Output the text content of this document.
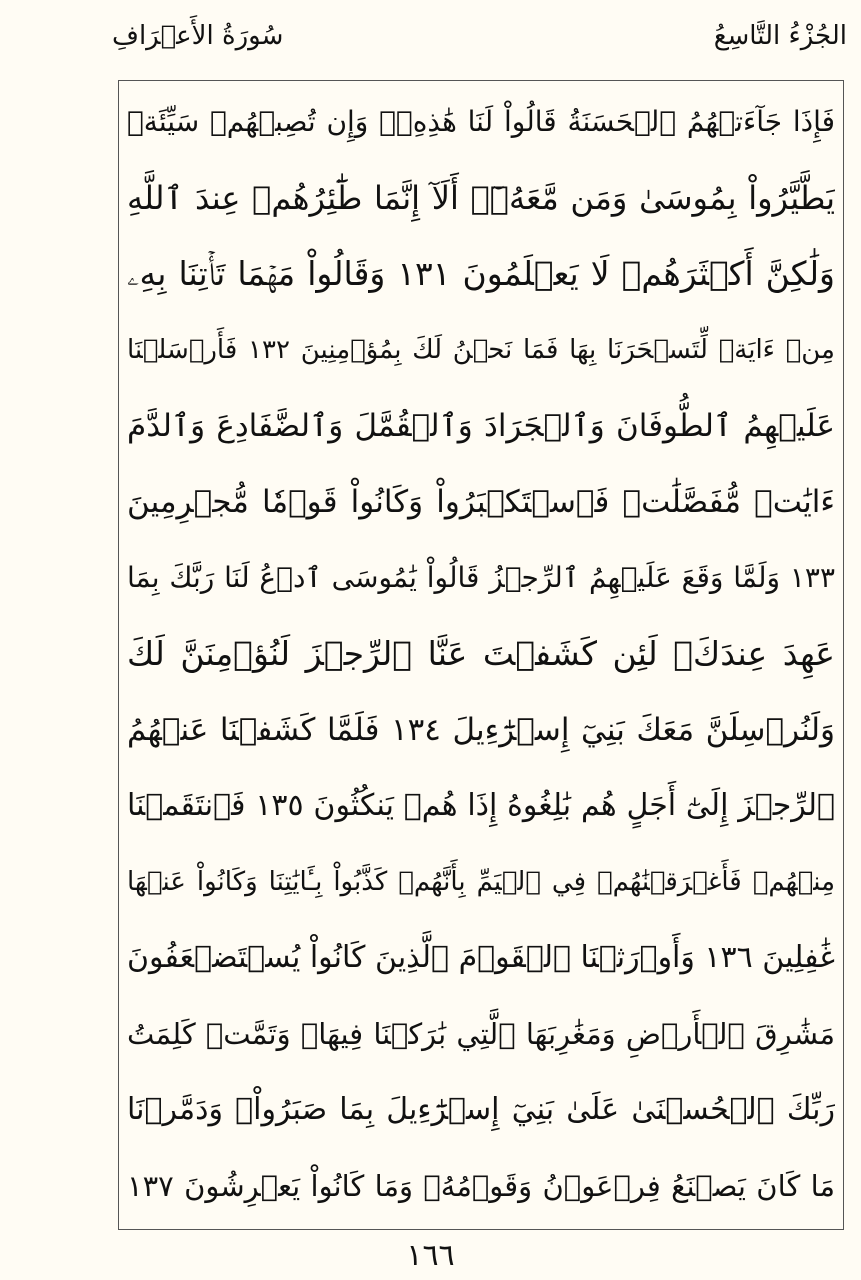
الجُزْءُ التَّاسِعُ
سُورَةُ الأَعۡرَافِ
فَإِذَا جَآءَتۡهُمُ ٱلۡحَسَنَةُ قَالُواْ لَنَا هَٰذِهِۦۖ وَإِن تُصِبۡهُمۡ سَيِّئَةٞ
يَطَّيَّرُواْ بِمُوسَىٰ وَمَن مَّعَهُۥٓۗ أَلَآ إِنَّمَا طَٰٓئِرُهُمۡ عِندَ ٱللَّهِ
وَلَٰكِنَّ أَكۡثَرَهُمۡ لَا يَعۡلَمُونَ ١٣١ وَقَالُواْ مَهۡمَا تَأۡتِنَا بِهِۦ
مِنۡ ءَايَةٖ لِّتَسۡحَرَنَا بِهَا فَمَا نَحۡنُ لَكَ بِمُؤۡمِنِينَ ١٣٢ فَأَرۡسَلۡنَا
عَلَيۡهِمُ ٱلطُّوفَانَ وَٱلۡجَرَادَ وَٱلۡقُمَّلَ وَٱلضَّفَادِعَ وَٱلدَّمَ
ءَايَٰتٖ مُّفَصَّلَٰتٖ فَٱسۡتَكۡبَرُواْ وَكَانُواْ قَوۡمٗا مُّجۡرِمِينَ
١٣٣ وَلَمَّا وَقَعَ عَلَيۡهِمُ ٱلرِّجۡزُ قَالُواْ يَٰمُوسَى ٱدۡعُ لَنَا رَبَّكَ بِمَا
عَهِدَ عِندَكَۖ لَئِن كَشَفۡتَ عَنَّا ٱلرِّجۡزَ لَنُؤۡمِنَنَّ لَكَ
وَلَنُرۡسِلَنَّ مَعَكَ بَنِيٓ إِسۡرَٰٓءِيلَ ١٣٤ فَلَمَّا كَشَفۡنَا عَنۡهُمُ
ٱلرِّجۡزَ إِلَىٰٓ أَجَلٍ هُم بَٰلِغُوهُ إِذَا هُمۡ يَنكُثُونَ ١٣٥ فَٱنتَقَمۡنَا
مِنۡهُمۡ فَأَغۡرَقۡنَٰهُمۡ فِي ٱلۡيَمِّ بِأَنَّهُمۡ كَذَّبُواْ بِـَٔايَٰتِنَا وَكَانُواْ عَنۡهَا
غَٰفِلِينَ ١٣٦ وَأَوۡرَثۡنَا ٱلۡقَوۡمَ ٱلَّذِينَ كَانُواْ يُسۡتَضۡعَفُونَ
مَشَٰرِقَ ٱلۡأَرۡضِ وَمَغَٰرِبَهَا ٱلَّتِي بَٰرَكۡنَا فِيهَاۖ وَتَمَّتۡ كَلِمَتُ
رَبِّكَ ٱلۡحُسۡنَىٰ عَلَىٰ بَنِيٓ إِسۡرَٰٓءِيلَ بِمَا صَبَرُواْۖ وَدَمَّرۡنَا
مَا كَانَ يَصۡنَعُ فِرۡعَوۡنُ وَقَوۡمُهُۥ وَمَا كَانُواْ يَعۡرِشُونَ ١٣٧
١٦٦
